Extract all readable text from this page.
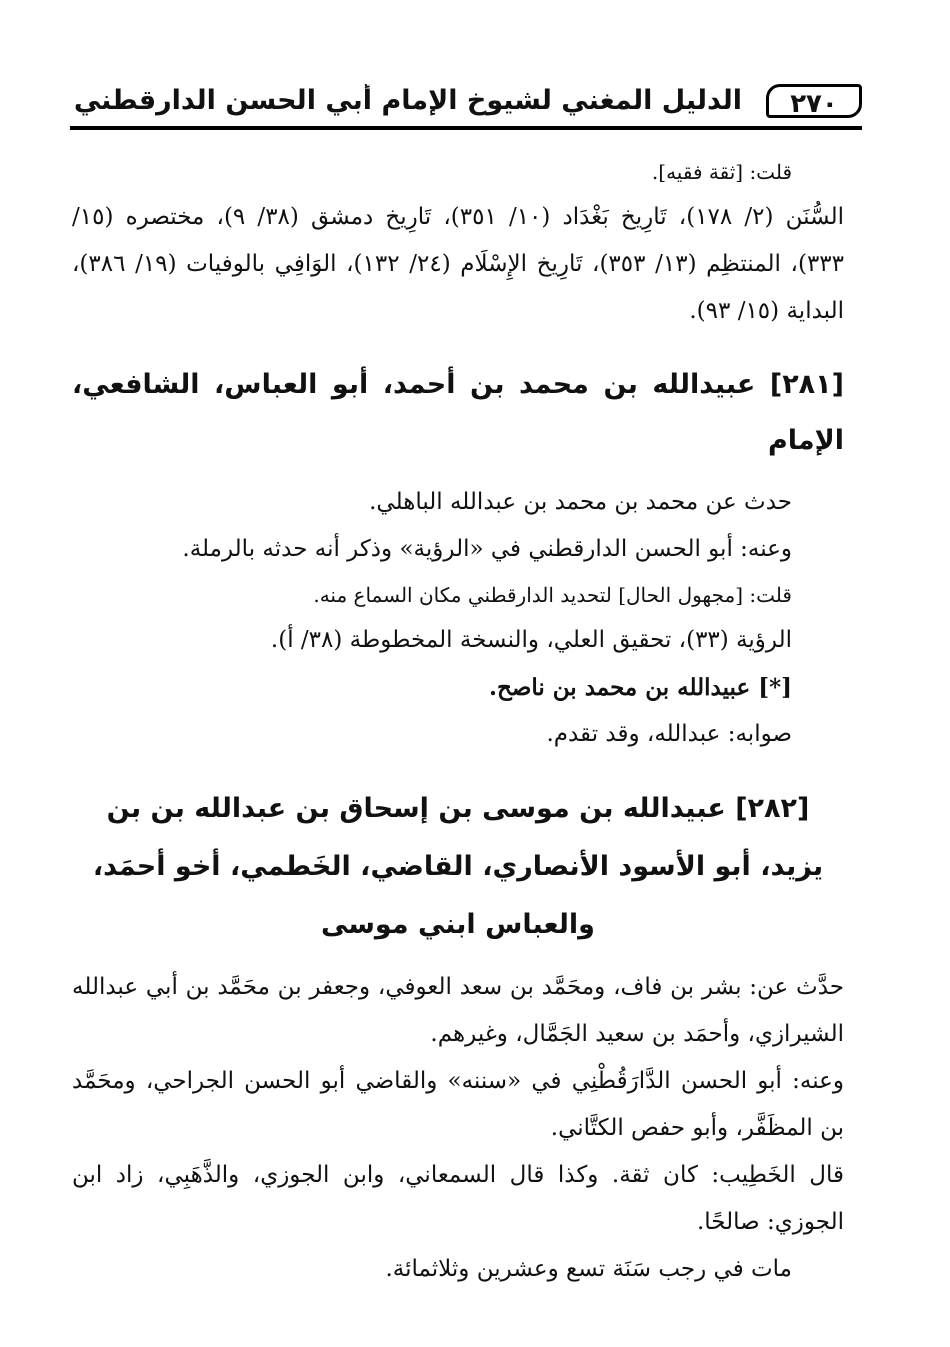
٢٧٠
الدليل المغني لشيوخ الإمام أبي الحسن الدارقطني

قلت: [ثقة فقيه].

السُّنَن (٢/ ١٧٨)، تَارِيخ بَغْدَاد (١٠/ ٣٥١)، تَارِيخ دمشق (٣٨/ ٩)، مختصره (١٥/ ٣٣٣)، المنتظِم (١٣/ ٣٥٣)، تَارِيخ الإِسْلَام (٢٤/ ١٣٢)، الوَافِي بالوفيات (١٩/ ٣٨٦)، البداية (١٥/ ٩٣).

[٢٨١] عبيدالله بن محمد بن أحمد، أبو العباس، الشافعي، الإمام

حدث عن محمد بن محمد بن عبدالله الباهلي.

وعنه: أبو الحسن الدارقطني في «الرؤية» وذكر أنه حدثه بالرملة.

قلت: [مجهول الحال] لتحديد الدارقطني مكان السماع منه.

الرؤية (٣٣)، تحقيق العلي، والنسخة المخطوطة (٣٨/ أ).

[*] عبيدالله بن محمد بن ناصح.

صوابه: عبدالله، وقد تقدم.

[٢٨٢] عبيدالله بن موسى بن إسحاق بن عبدالله بن بن يزيد، أبو الأسود الأنصاري، القاضي، الخَطمي، أخو أحمَد، والعباس ابني موسى

حدَّث عن: بشر بن فاف، ومحَمَّد بن سعد العوفي، وجعفر بن محَمَّد بن أبي عبدالله الشيرازي، وأحمَد بن سعيد الجَمَّال، وغيرهم.

وعنه: أبو الحسن الدَّارَقُطْنِي في «سننه» والقاضي أبو الحسن الجراحي، ومحَمَّد بن المظَفَّر، وأبو حفص الكتَّاني.

قال الخَطِيب: كان ثقة. وكذا قال السمعاني، وابن الجوزي، والذَّهَبِي، زاد ابن الجوزي: صالحًا.

مات في رجب سَنَة تسع وعشرين وثلاثمائة.
